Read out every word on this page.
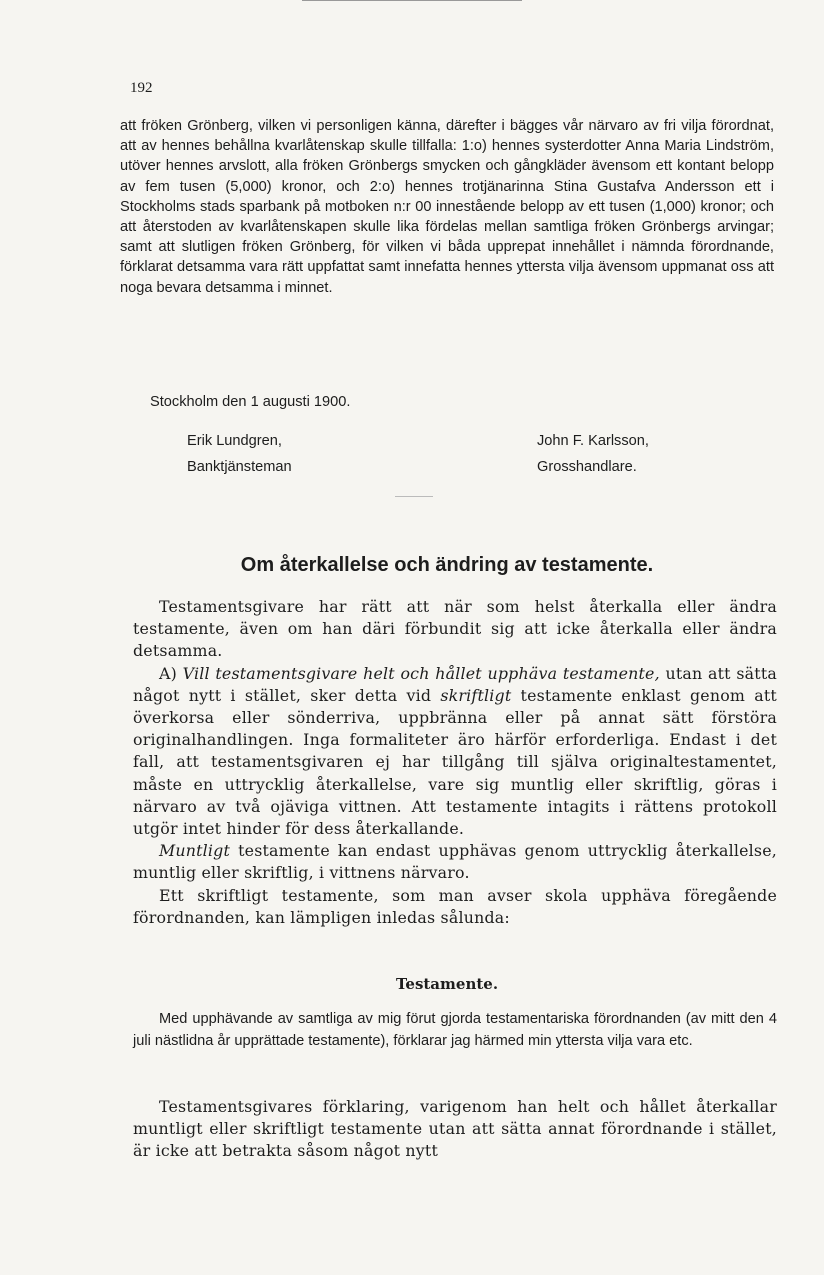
192

att fröken Grönberg, vilken vi personligen känna, därefter i bägges vår närvaro av fri vilja förordnat, att av hennes behållna kvarlåtenskap skulle tillfalla: 1:o) hennes systerdotter Anna Maria Lindström, utöver hennes arvslott, alla fröken Grönbergs smycken och gångkläder ävensom ett kontant belopp av fem tusen (5,000) kronor, och 2:o) hennes trotjänarinna Stina Gustafva Andersson ett i Stockholms stads sparbank på motboken n:r 00 innestående belopp av ett tusen (1,000) kronor; och att återstoden av kvarlåtenskapen skulle lika fördelas mellan samtliga fröken Grönbergs arvingar; samt att slutligen fröken Grönberg, för vilken vi båda upprepat innehållet i nämnda förordnande, förklarat detsamma vara rätt uppfattat samt innefatta hennes yttersta vilja ävensom uppmanat oss att noga bevara detsamma i minnet.

Stockholm den 1 augusti 1900.
Erik Lundgren,
Banktjänsteman
John F. Karlsson,
Grosshandlare.
Om återkallelse och ändring av testamente.

Testamentsgivare har rätt att när som helst återkalla eller ändra testamente, även om han däri förbundit sig att icke återkalla eller ändra detsamma.

A) Vill testamentsgivare helt och hållet upphäva testamente, utan att sätta något nytt i stället, sker detta vid skriftligt testamente enklast genom att överkorsa eller sönderriva, uppbränna eller på annat sätt förstöra originalhandlingen. Inga formaliteter äro härför erforderliga. Endast i det fall, att testamentsgivaren ej har tillgång till själva originaltestamentet, måste en uttrycklig återkallelse, vare sig muntlig eller skriftlig, göras i närvaro av två ojäviga vittnen. Att testamente intagits i rättens protokoll utgör intet hinder för dess återkallande.

Muntligt testamente kan endast upphävas genom uttrycklig återkallelse, muntlig eller skriftlig, i vittnens närvaro.

Ett skriftligt testamente, som man avser skola upphäva föregående förordnanden, kan lämpligen inledas sålunda:

Testamente.

Med upphävande av samtliga av mig förut gjorda testamentariska förordnanden (av mitt den 4 juli nästlidna år upprättade testamente), förklarar jag härmed min yttersta vilja vara etc.

Testamentsgivares förklaring, varigenom han helt och hållet återkallar muntligt eller skriftligt testamente utan att sätta annat förordnande i stället, är icke att betrakta såsom något nytt
